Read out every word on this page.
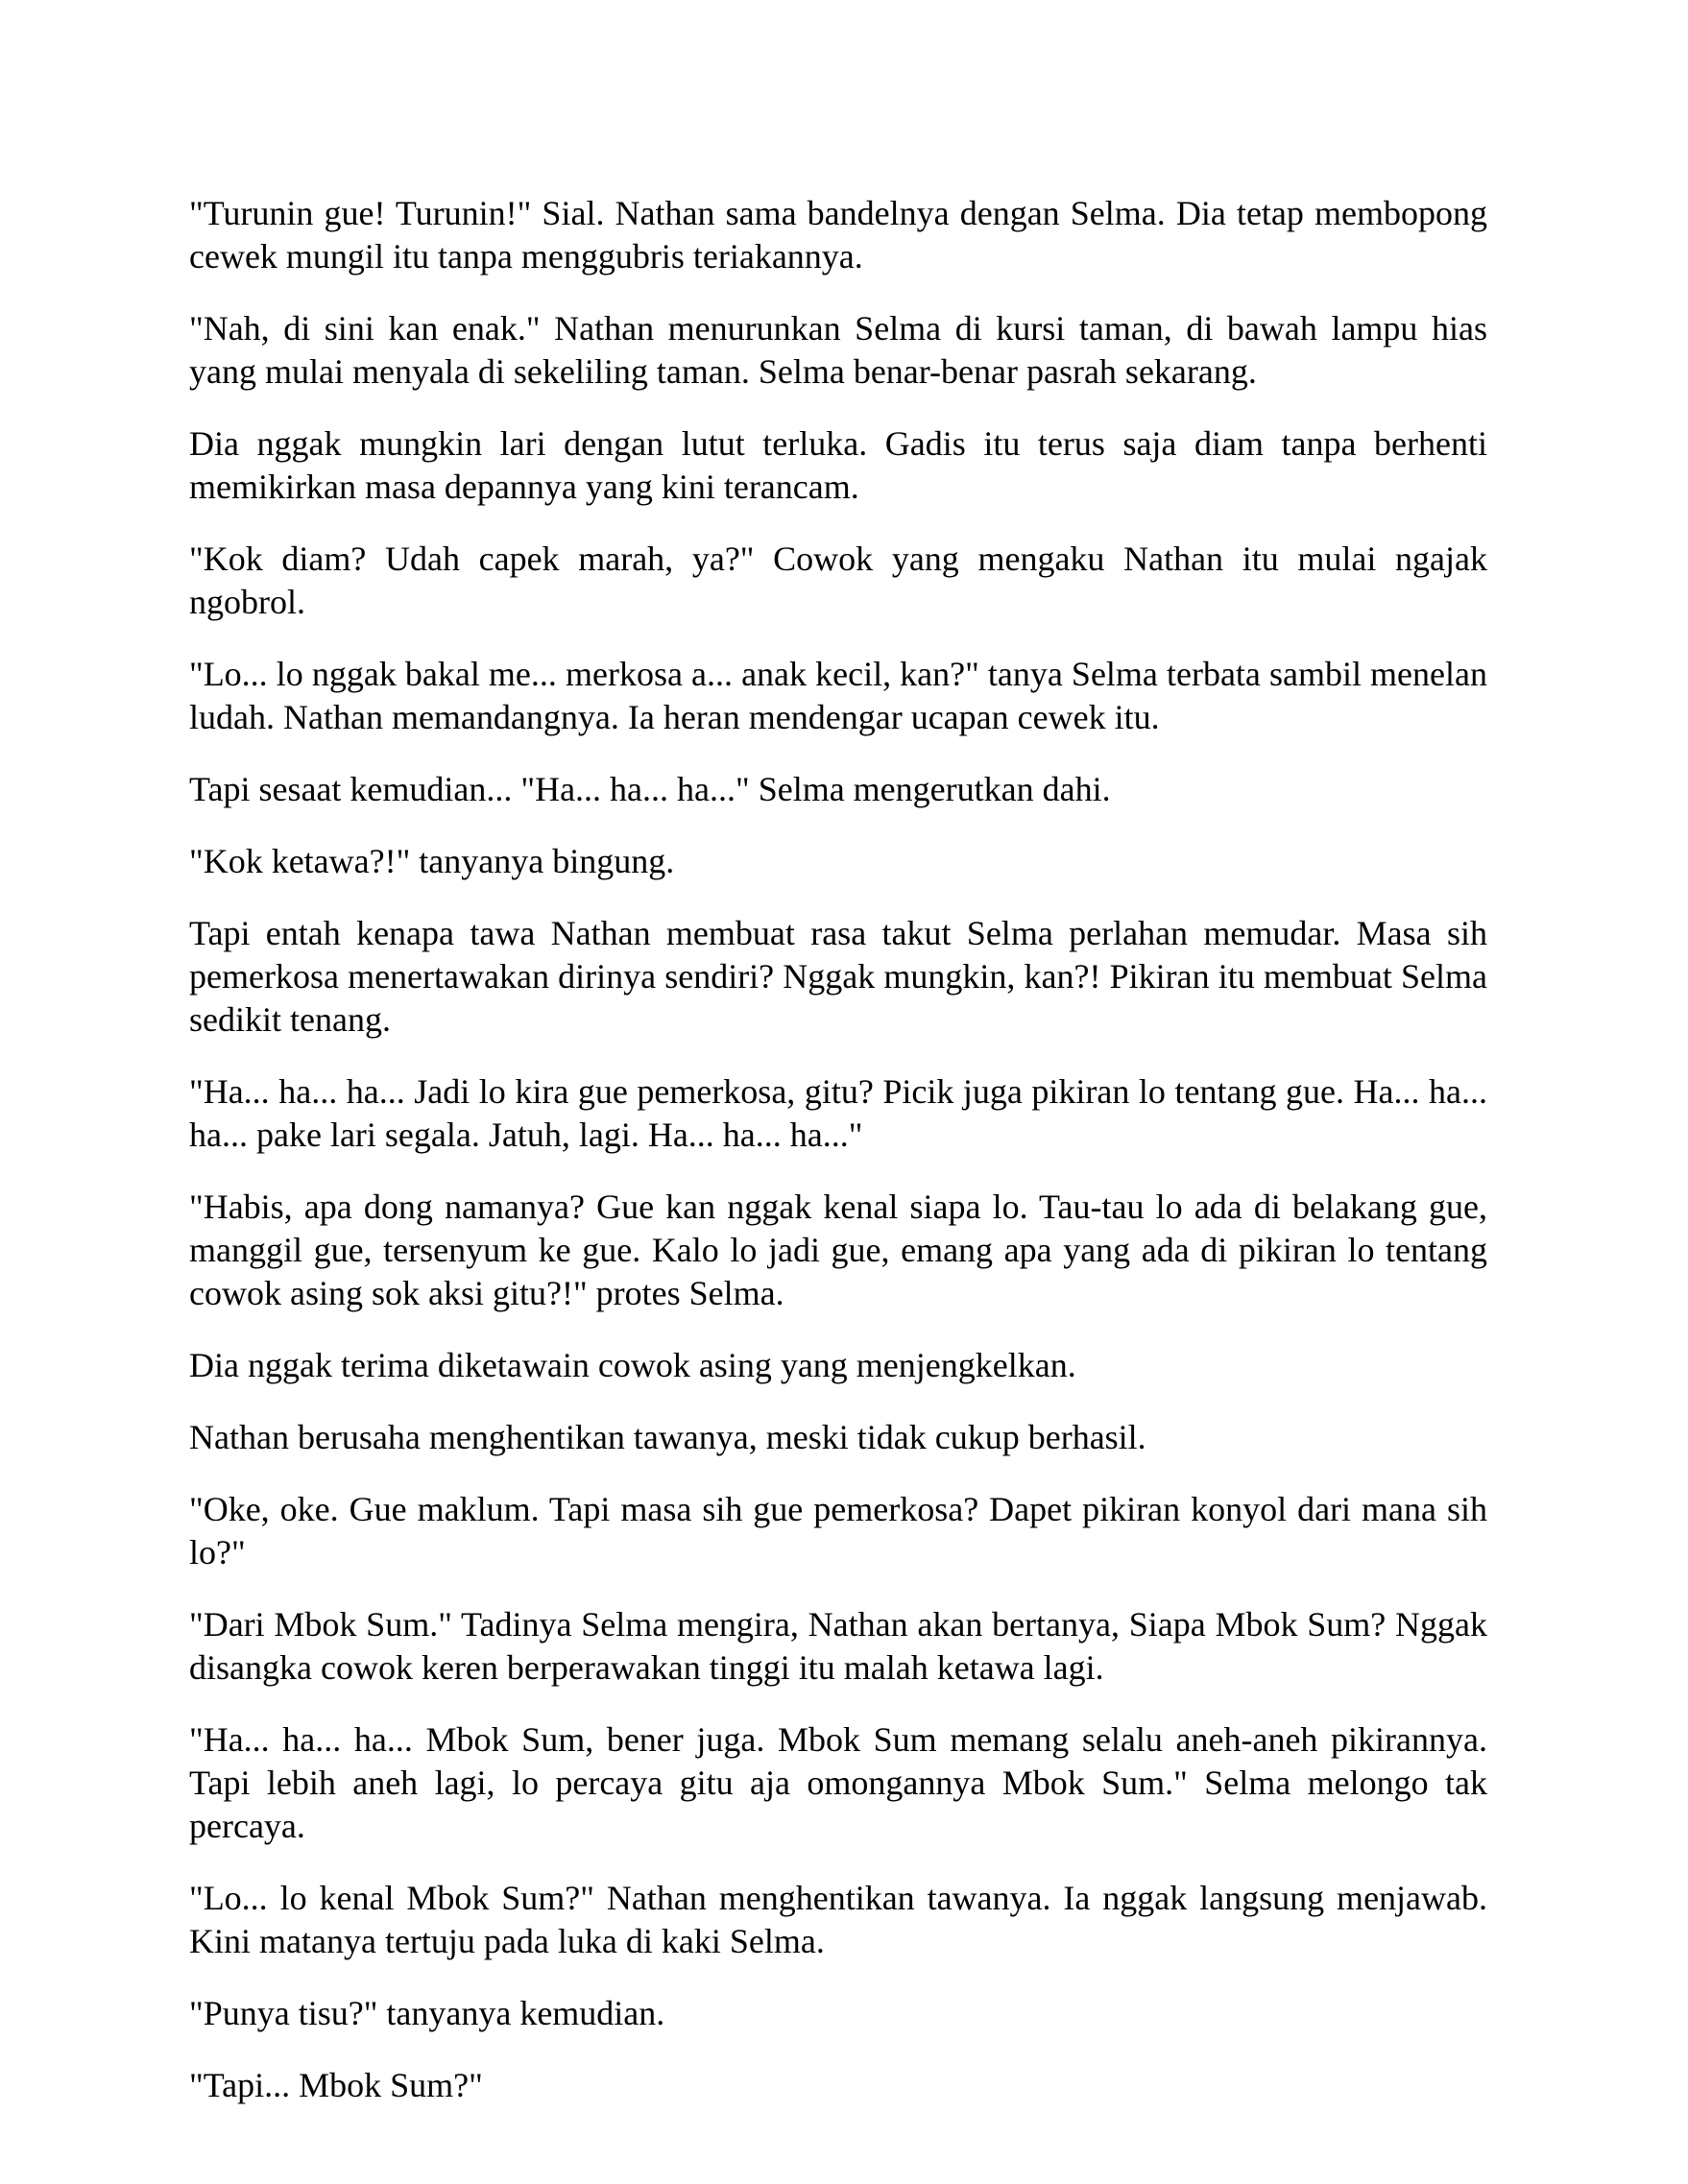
"Turunin gue! Turunin!" Sial. Nathan sama bandelnya dengan Selma. Dia tetap membopong cewek mungil itu tanpa menggubris teriakannya.

"Nah, di sini kan enak." Nathan menurunkan Selma di kursi taman, di bawah lampu hias yang mulai menyala di sekeliling taman. Selma benar-benar pasrah sekarang.

Dia nggak mungkin lari dengan lutut terluka. Gadis itu terus saja diam tanpa berhenti memikirkan masa depannya yang kini terancam.

"Kok diam? Udah capek marah, ya?" Cowok yang mengaku Nathan itu mulai ngajak ngobrol.

"Lo... lo nggak bakal me... merkosa a... anak kecil, kan?" tanya Selma terbata sambil menelan ludah. Nathan memandangnya. Ia heran mendengar ucapan cewek itu.

Tapi sesaat kemudian... "Ha... ha... ha..." Selma mengerutkan dahi.

"Kok ketawa?!" tanyanya bingung.

Tapi entah kenapa tawa Nathan membuat rasa takut Selma perlahan memudar. Masa sih pemerkosa menertawakan dirinya sendiri? Nggak mungkin, kan?! Pikiran itu membuat Selma sedikit tenang.

"Ha... ha... ha... Jadi lo kira gue pemerkosa, gitu? Picik juga pikiran lo tentang gue. Ha... ha... ha... pake lari segala. Jatuh, lagi. Ha... ha... ha..."

"Habis, apa dong namanya? Gue kan nggak kenal siapa lo. Tau-tau lo ada di belakang gue, manggil gue, tersenyum ke gue. Kalo lo jadi gue, emang apa yang ada di pikiran lo tentang cowok asing sok aksi gitu?!" protes Selma.

Dia nggak terima diketawain cowok asing yang menjengkelkan.

Nathan berusaha menghentikan tawanya, meski tidak cukup berhasil.

"Oke, oke. Gue maklum. Tapi masa sih gue pemerkosa? Dapet pikiran konyol dari mana sih lo?"

"Dari Mbok Sum." Tadinya Selma mengira, Nathan akan bertanya, Siapa Mbok Sum? Nggak disangka cowok keren berperawakan tinggi itu malah ketawa lagi.

"Ha... ha... ha... Mbok Sum, bener juga. Mbok Sum memang selalu aneh-aneh pikirannya. Tapi lebih aneh lagi, lo percaya gitu aja omongannya Mbok Sum." Selma melongo tak percaya.

"Lo... lo kenal Mbok Sum?" Nathan menghentikan tawanya. Ia nggak langsung menjawab. Kini matanya tertuju pada luka di kaki Selma.

"Punya tisu?" tanyanya kemudian.

"Tapi... Mbok Sum?"
